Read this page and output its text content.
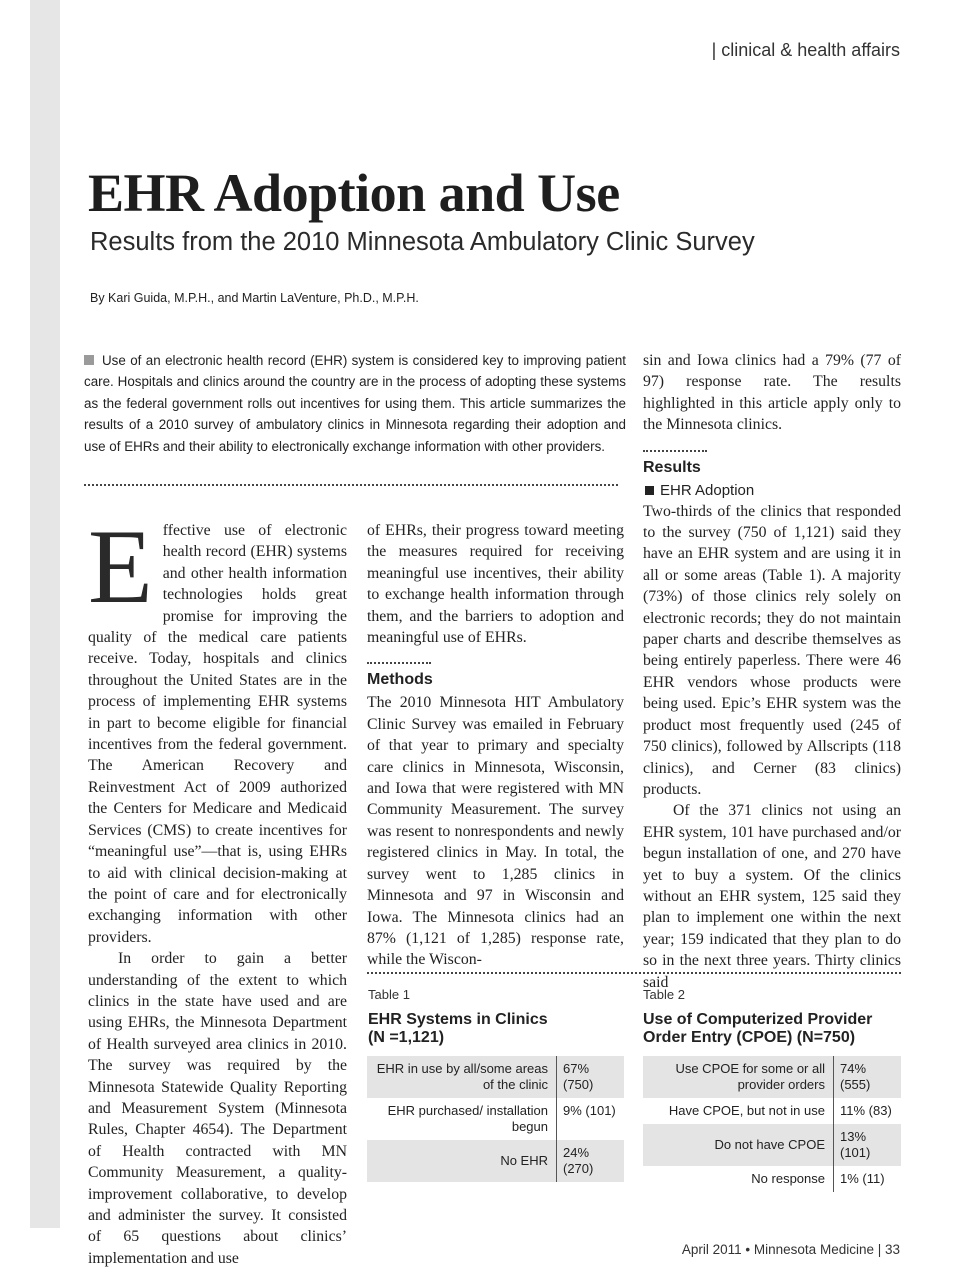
| clinical & health affairs
EHR Adoption and Use
Results from the 2010 Minnesota Ambulatory Clinic Survey
By Kari Guida, M.P.H., and Martin LaVenture, Ph.D., M.P.H.
Use of an electronic health record (EHR) system is considered key to improving patient care. Hospitals and clinics around the country are in the process of adopting these systems as the federal government rolls out incentives for using them. This article summarizes the results of a 2010 survey of ambulatory clinics in Minnesota regarding their adoption and use of EHRs and their ability to electronically exchange information with other providers.
E ffective use of electronic health record (EHR) systems and other health information technologies holds great promise for improving the quality of the medical care patients receive. Today, hospitals and clinics throughout the United States are in the process of implementing EHR systems in part to become eligible for financial incentives from the federal government. The American Recovery and Reinvestment Act of 2009 authorized the Centers for Medicare and Medicaid Services (CMS) to create incentives for “meaningful use”—that is, using EHRs to aid with clinical decision-making at the point of care and for electronically exchanging information with other providers.

In order to gain a better understanding of the extent to which clinics in the state have used and are using EHRs, the Minnesota Department of Health surveyed area clinics in 2010. The survey was required by the Minnesota Statewide Quality Reporting and Measurement System (Minnesota Rules, Chapter 4654). The Department of Health contracted with MN Community Measurement, a quality-improvement collaborative, to develop and administer the survey. It consisted of 65 questions about clinics’ implementation and use

of EHRs, their progress toward meeting the measures required for receiving meaningful use incentives, their ability to exchange health information through them, and the barriers to adoption and meaningful use of EHRs.

Methods

The 2010 Minnesota HIT Ambulatory Clinic Survey was emailed in February of that year to primary and specialty care clinics in Minnesota, Wisconsin, and Iowa that were registered with MN Community Measurement. The survey was resent to nonrespondents and newly registered clinics in May. In total, the survey went to 1,285 clinics in Minnesota and 97 in Wisconsin and Iowa. The Minnesota clinics had an 87% (1,121 of 1,285) response rate, while the Wiscon-

sin and Iowa clinics had a 79% (77 of 97) response rate. The results highlighted in this article apply only to the Minnesota clinics.

Results
EHR Adoption

Two-thirds of the clinics that responded to the survey (750 of 1,121) said they have an EHR system and are using it in all or some areas (Table 1). A majority (73%) of those clinics rely solely on electronic records; they do not maintain paper charts and describe themselves as being entirely paperless. There were 46 EHR vendors whose products were being used. Epic’s EHR system was the product most frequently used (245 of 750 clinics), followed by Allscripts (118 clinics), and Cerner (83 clinics) products.

Of the 371 clinics not using an EHR system, 101 have purchased and/or begun installation of one, and 270 have yet to buy a system. Of the clinics without an EHR system, 125 said they plan to implement one within the next year; 159 indicated that they plan to do so in the next three years. Thirty clinics said

Table 1
EHR Systems in Clinics (N =1,121)
EHR in use by all/some areas of the clinic
67% (750)
EHR purchased/ installation begun
9% (101)
No EHR
24% (270)
Table 2
Use of Computerized Provider Order Entry (CPOE) (N=750)
Use CPOE for some or all provider orders
74% (555)
Have CPOE, but not in use	11% (83)
Do not have CPOE
13% (101)
No response	1% (11)
April 2011 • Minnesota Medicine | 33
